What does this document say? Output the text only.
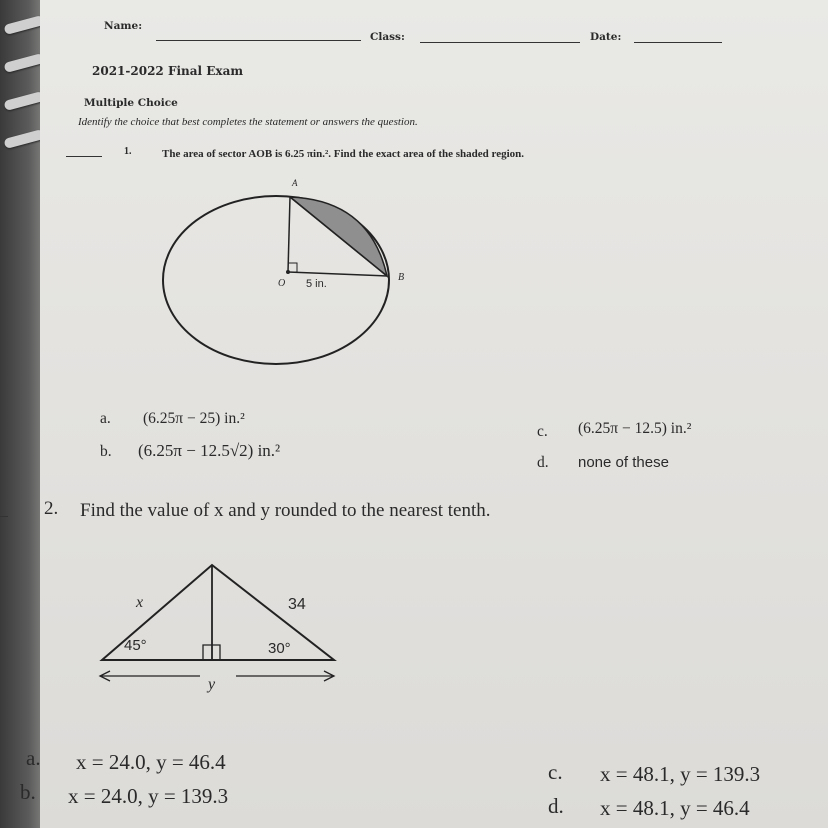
Name:
Class:	Date:
2021-2022 Final Exam
Multiple Choice
Identify the choice that best completes the statement or answers the question.
1.	The area of sector AOB is 6.25 πin.². Find the exact area of the shaded region.
A
B
O 5 in.
a. (6.25π − 25) in.²
b. (6.25π − 12.5√2) in.²
c. (6.25π − 12.5) in.²
d. none of these
2. Find the value of x and y rounded to the nearest tenth.
x	34
45°	30°
y
a. x = 24.0, y = 46.4
b. x = 24.0, y = 139.3
c. x = 48.1, y = 139.3
d. x = 48.1, y = 46.4
